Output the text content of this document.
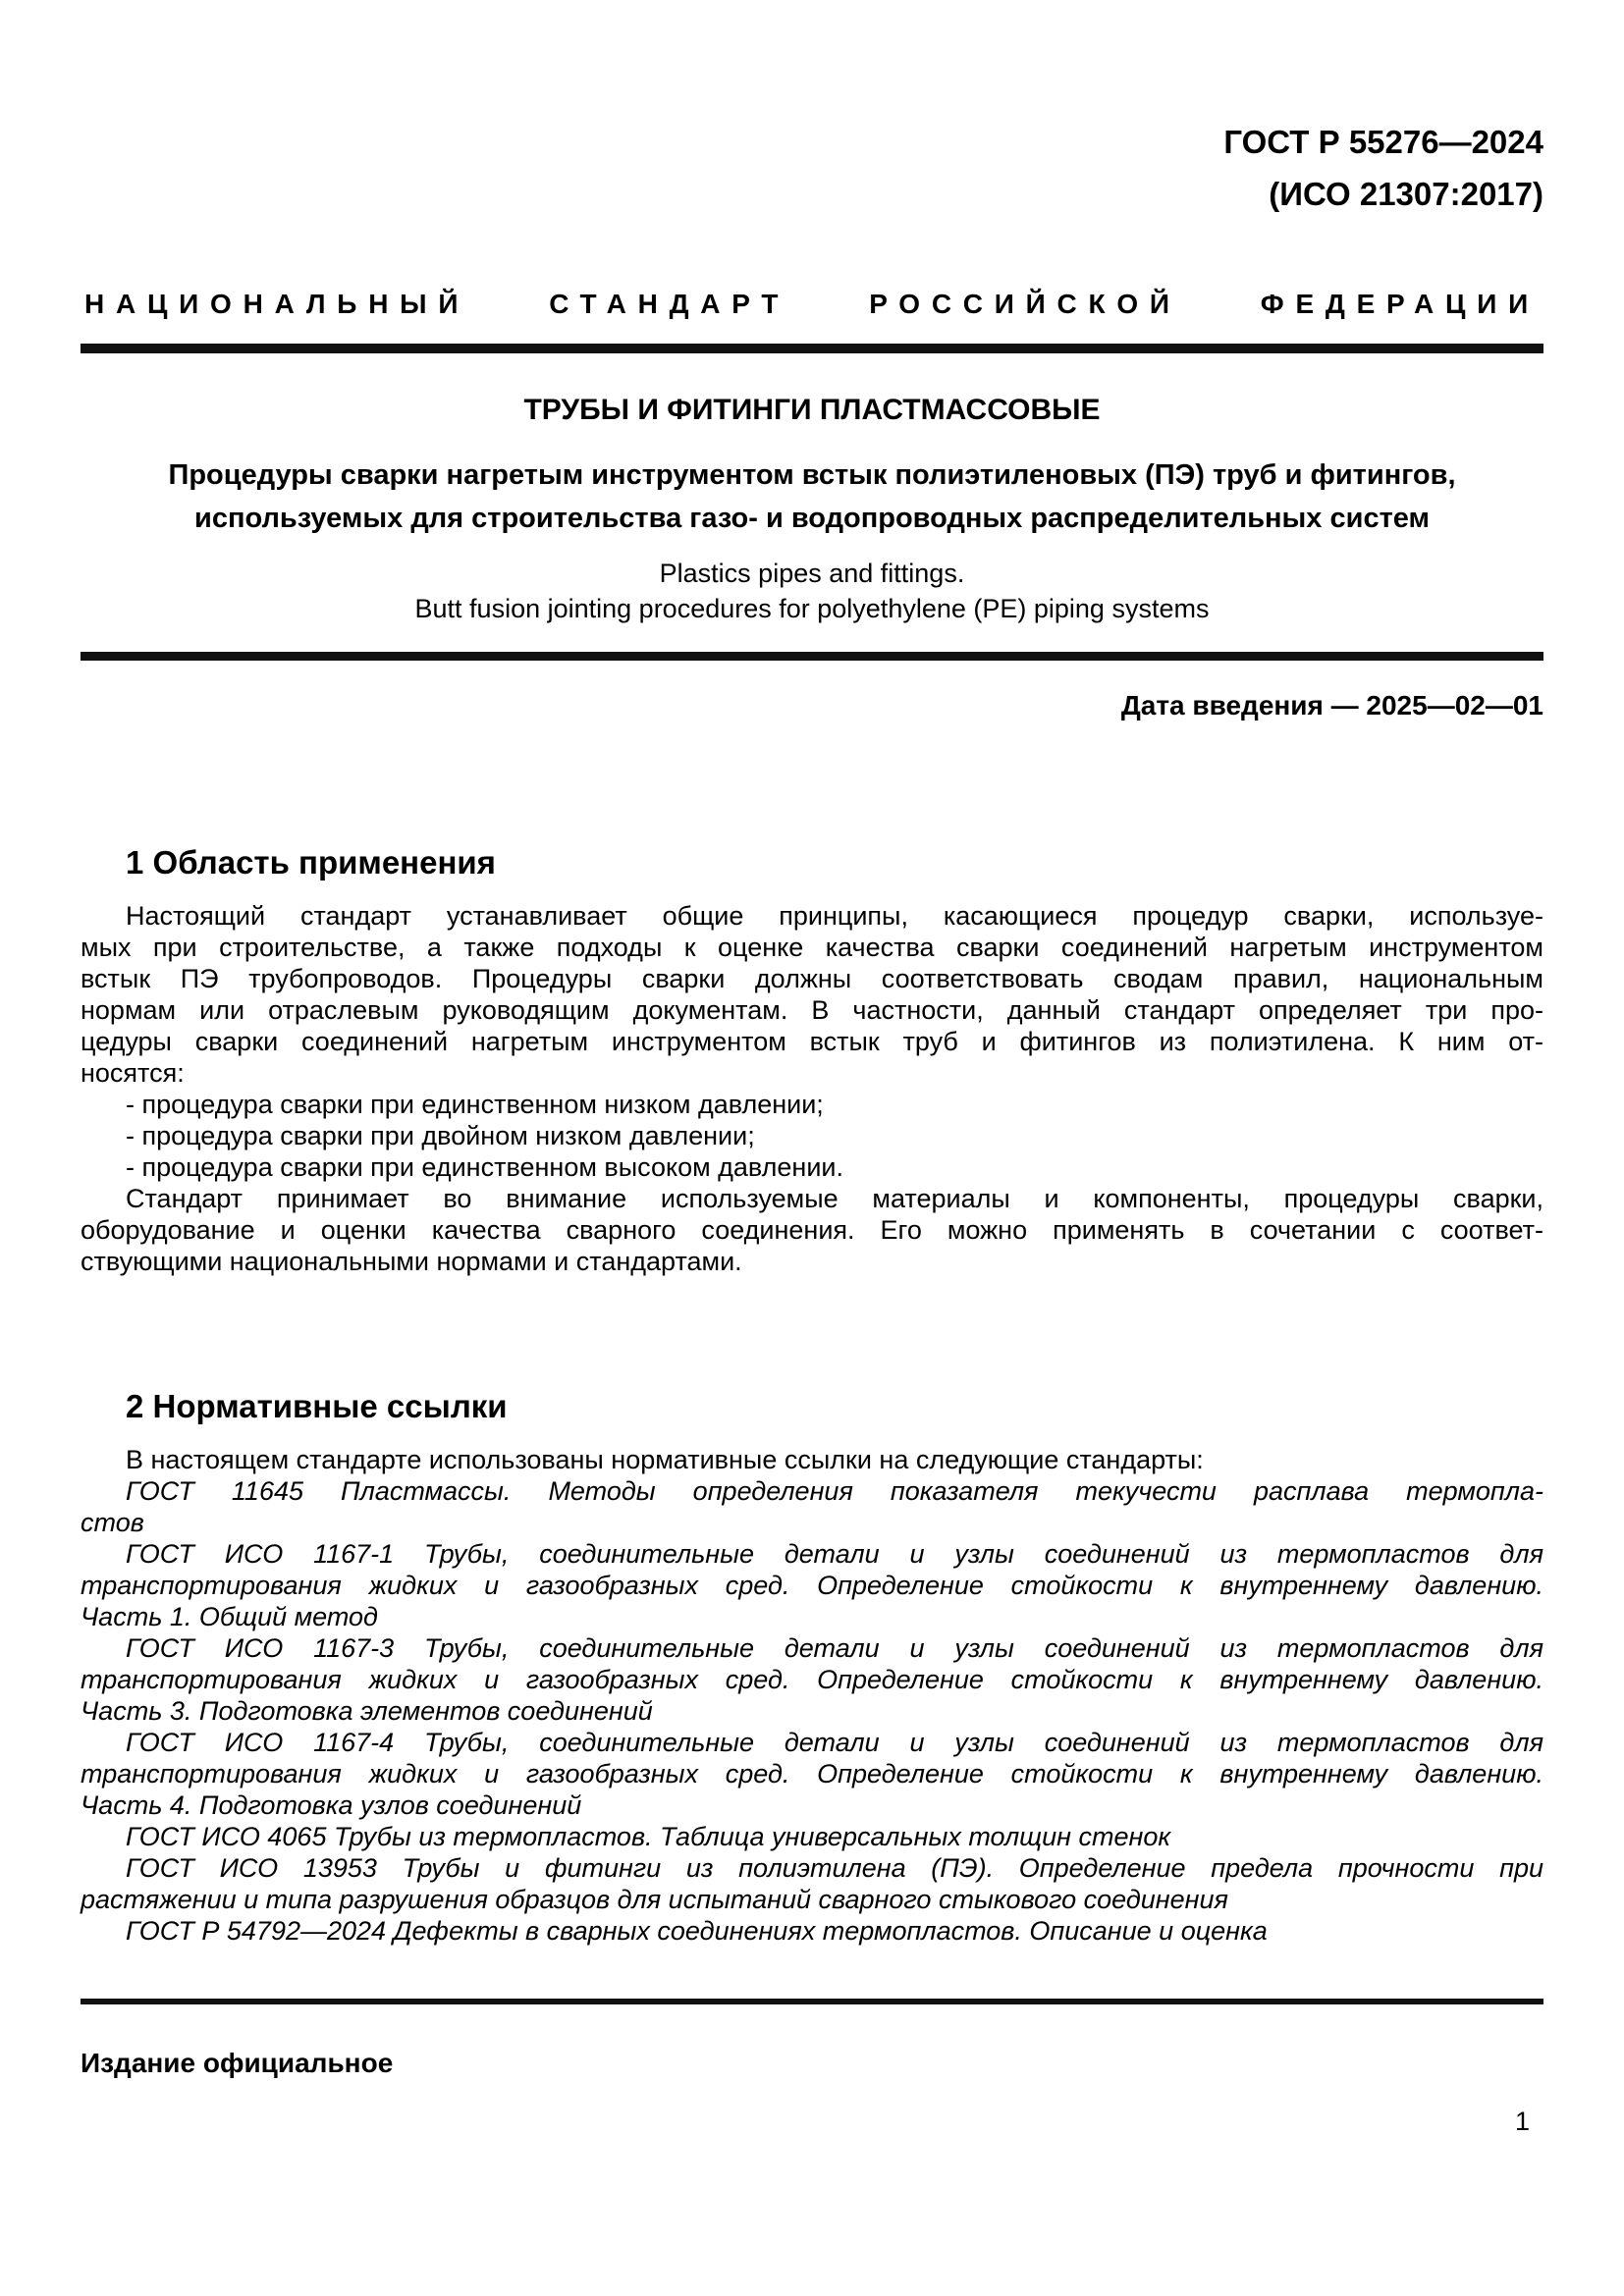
ГОСТ Р 55276—2024
(ИСО 21307:2017)
НАЦИОНАЛЬНЫЙ СТАНДАРТ РОССИЙСКОЙ ФЕДЕРАЦИИ
ТРУБЫ И ФИТИНГИ ПЛАСТМАССОВЫЕ
Процедуры сварки нагретым инструментом встык полиэтиленовых (ПЭ) труб и фитингов,
используемых для строительства газо- и водопроводных распределительных систем
Plastics pipes and fittings.
Butt fusion jointing procedures for polyethylene (PE) piping systems
Дата введения — 2025—02—01
1 Область применения
Настоящий стандарт устанавливает общие принципы, касающиеся процедур сварки, используе-
мых при строительстве, а также подходы к оценке качества сварки соединений нагретым инструментом
встык ПЭ трубопроводов. Процедуры сварки должны соответствовать сводам правил, национальным
нормам или отраслевым руководящим документам. В частности, данный стандарт определяет три про-
цедуры сварки соединений нагретым инструментом встык труб и фитингов из полиэтилена. К ним от-
носятся:
- процедура сварки при единственном низком давлении;
- процедура сварки при двойном низком давлении;
- процедура сварки при единственном высоком давлении.
Стандарт принимает во внимание используемые материалы и компоненты, процедуры сварки,
оборудование и оценки качества сварного соединения. Его можно применять в сочетании с соответ-
ствующими национальными нормами и стандартами.
2 Нормативные ссылки
В настоящем стандарте использованы нормативные ссылки на следующие стандарты:
ГОСТ 11645 Пластмассы. Методы определения показателя текучести расплава термопла-
стов
ГОСТ ИСО 1167-1 Трубы, соединительные детали и узлы соединений из термопластов для
транспортирования жидких и газообразных сред. Определение стойкости к внутреннему давлению.
Часть 1. Общий метод
ГОСТ ИСО 1167-3 Трубы, соединительные детали и узлы соединений из термопластов для
транспортирования жидких и газообразных сред. Определение стойкости к внутреннему давлению.
Часть 3. Подготовка элементов соединений
ГОСТ ИСО 1167-4 Трубы, соединительные детали и узлы соединений из термопластов для
транспортирования жидких и газообразных сред. Определение стойкости к внутреннему давлению.
Часть 4. Подготовка узлов соединений
ГОСТ ИСО 4065 Трубы из термопластов. Таблица универсальных толщин стенок
ГОСТ ИСО 13953 Трубы и фитинги из полиэтилена (ПЭ). Определение предела прочности при
растяжении и типа разрушения образцов для испытаний сварного стыкового соединения
ГОСТ Р 54792—2024 Дефекты в сварных соединениях термопластов. Описание и оценка
Издание официальное
1
